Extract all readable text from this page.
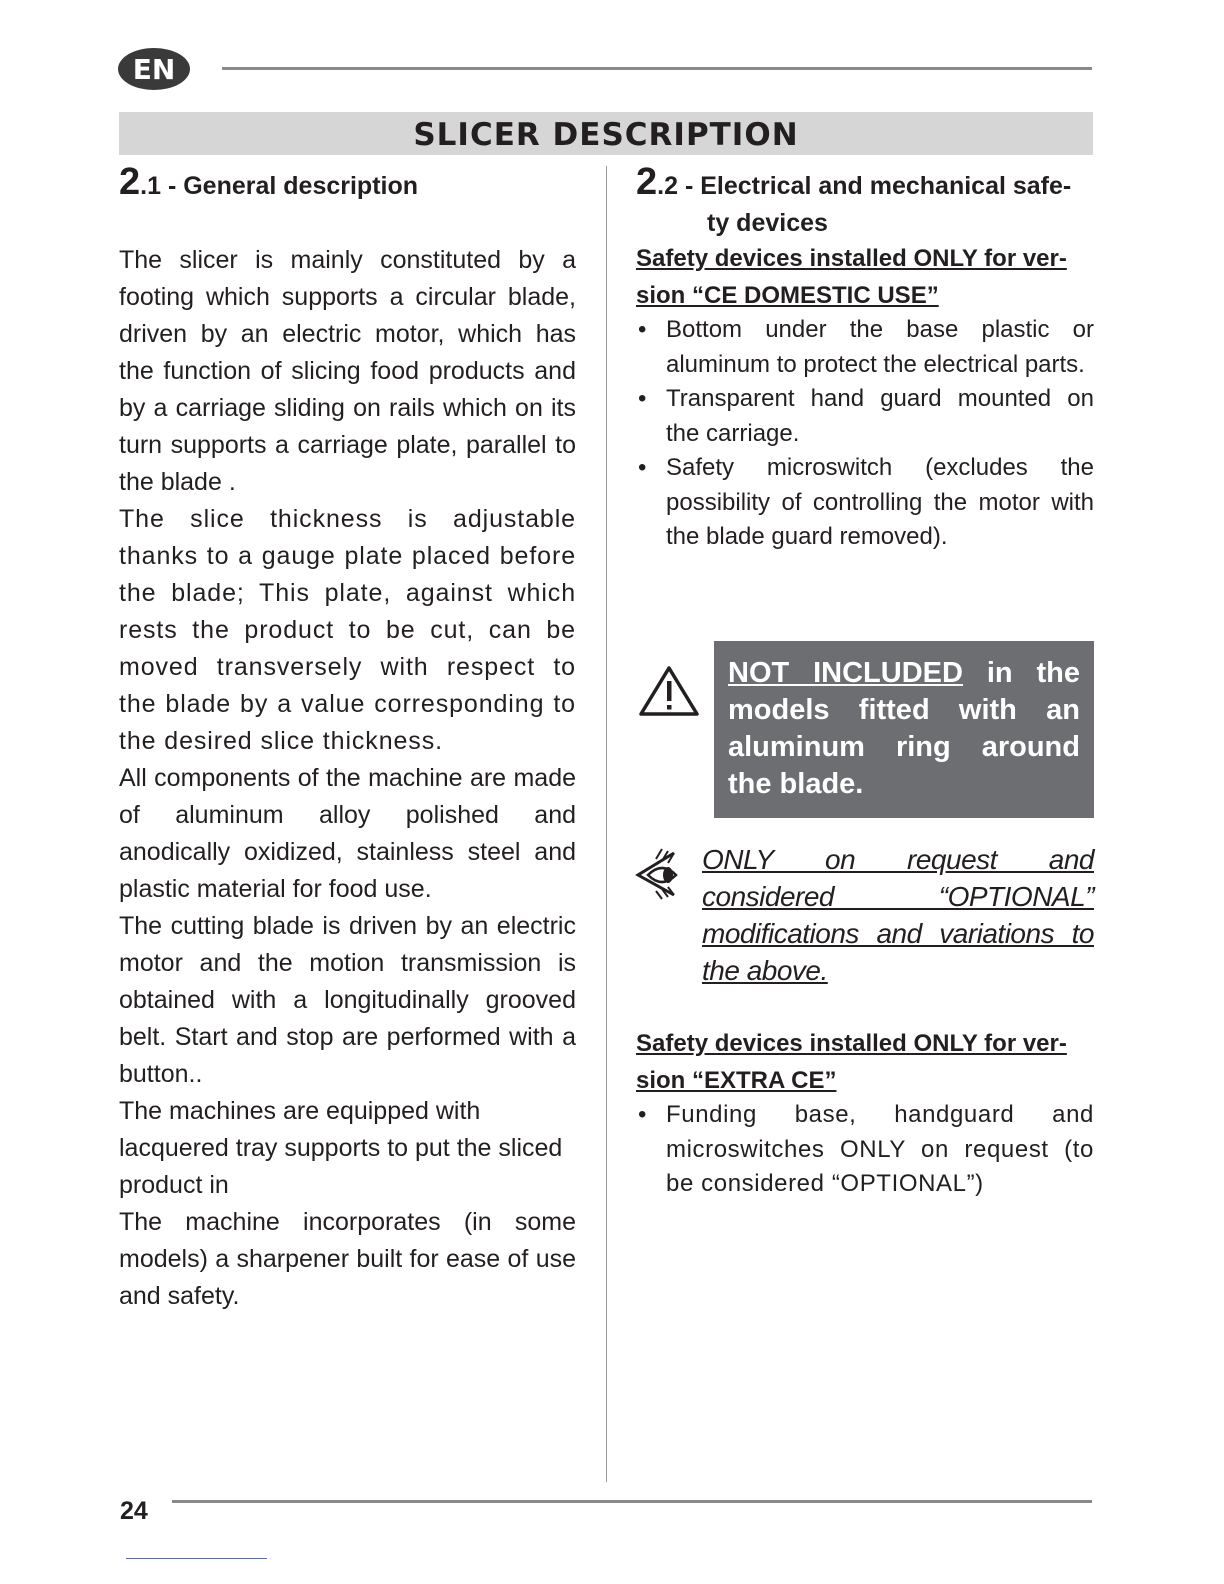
EN
SLICER DESCRIPTION
2.1 - General description

The slicer is mainly constituted by a footing which supports a circular blade, driven by an electric motor, which has the function of slicing food products and by a carriage sliding on rails which on its turn supports a carriage plate, parallel to the blade .

The slice thickness is adjustable thanks to a gauge plate placed before the blade; This plate, against which rests the product to be cut, can be moved transversely with respect to the blade by a value corresponding to the desired slice thickness.

All components of the machine are made of aluminum alloy polished and anodically oxidized, stainless steel and plastic material for food use.

The cutting blade is driven by an electric motor and the motion transmission is obtained with a longitudinally grooved belt. Start and stop are performed with a button..

The machines are equipped with lacquered tray supports to put the sliced product in

The machine incorporates (in some models) a sharpener built for ease of use and safety.

2.2 - Electrical and mechanical safe-
ty devices
Safety devices installed ONLY for ver-
sion “CE DOMESTIC USE”
• Bottom under the base plastic or aluminum to protect the electrical parts.
• Transparent hand guard mounted on the carriage.
• Safety microswitch (excludes the possibility of controlling the motor with the blade guard removed).
NOT INCLUDED in the models fitted with an aluminum ring around the blade.
ONLY on request and considered “OPTIONAL” modifications and variations to the above.
Safety devices installed ONLY for ver-
sion “EXTRA CE”
• Funding base, handguard and microswitches ONLY on request (to be considered “OPTIONAL”)
24
